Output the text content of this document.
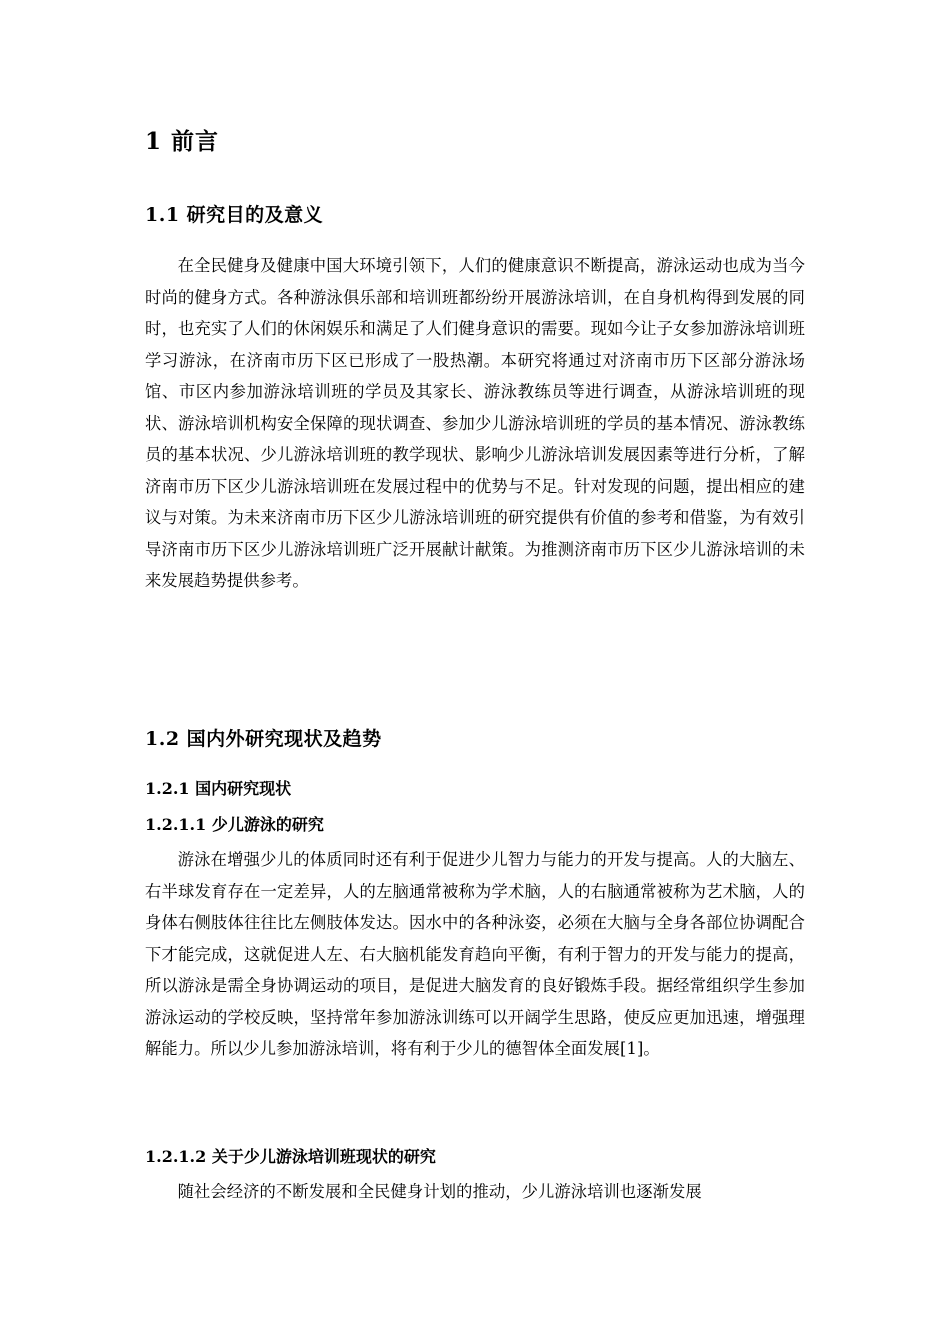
1 前言
1.1 研究目的及意义

在全民健身及健康中国大环境引领下，人们的健康意识不断提高，游泳运动也成为当今时尚的健身方式。各种游泳俱乐部和培训班都纷纷开展游泳培训，在自身机构得到发展的同时，也充实了人们的休闲娱乐和满足了人们健身意识的需要。现如今让子女参加游泳培训班学习游泳，在济南市历下区已形成了一股热潮。本研究将通过对济南市历下区部分游泳场馆、市区内参加游泳培训班的学员及其家长、游泳教练员等进行调查，从游泳培训班的现状、游泳培训机构安全保障的现状调查、参加少儿游泳培训班的学员的基本情况、游泳教练员的基本状况、少儿游泳培训班的教学现状、影响少儿游泳培训发展因素等进行分析，了解济南市历下区少儿游泳培训班在发展过程中的优势与不足。针对发现的问题，提出相应的建议与对策。为未来济南市历下区少儿游泳培训班的研究提供有价值的参考和借鉴，为有效引导济南市历下区少儿游泳培训班广泛开展献计献策。为推测济南市历下区少儿游泳培训的未来发展趋势提供参考。

1.2 国内外研究现状及趋势
1.2.1 国内研究现状
1.2.1.1 少儿游泳的研究

游泳在增强少儿的体质同时还有利于促进少儿智力与能力的开发与提高。人的大脑左、右半球发育存在一定差异，人的左脑通常被称为学术脑，人的右脑通常被称为艺术脑，人的身体右侧肢体往往比左侧肢体发达。因水中的各种泳姿，必须在大脑与全身各部位协调配合下才能完成，这就促进人左、右大脑机能发育趋向平衡，有利于智力的开发与能力的提高，所以游泳是需全身协调运动的项目，是促进大脑发育的良好锻炼手段。据经常组织学生参加游泳运动的学校反映，坚持常年参加游泳训练可以开阔学生思路，使反应更加迅速，增强理解能力。所以少儿参加游泳培训，将有利于少儿的德智体全面发展[1]。

1.2.1.2 关于少儿游泳培训班现状的研究

随社会经济的不断发展和全民健身计划的推动，少儿游泳培训也逐渐发展
